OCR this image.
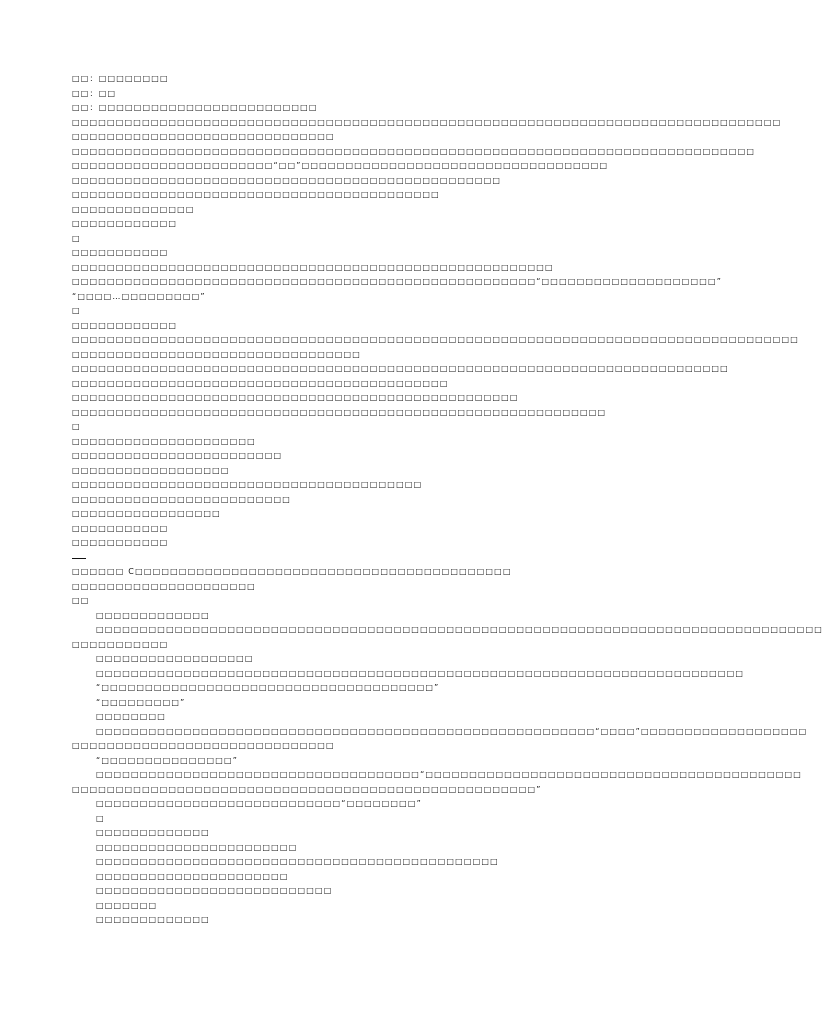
□□：□□□□□□□□
□□：□□
□□：□□□□□□□□□□□□□□□□□□□□□□□□□
□□□□□□□□□□□□□□□□□□□□□□□□□□□□□□□□□□□□□□□□□□□□□□□□□□□□□□□□□□□□□□□□□□□□□□□□□□□□□□□□□
□□□□□□□□□□□□□□□□□□□□□□□□□□□□□□
□□□□□□□□□□□□□□□□□□□□□□□□□□□□□□□□□□□□□□□□□□□□□□□□□□□□□□□□□□□□□□□□□□□□□□□□□□□□□□
□□□□□□□□□□□□□□□□□□□□□□□“□□”□□□□□□□□□□□□□□□□□□□□□□□□□□□□□□□□□□□
□□□□□□□□□□□□□□□□□□□□□□□□□□□□□□□□□□□□□□□□□□□□□□□□□
□□□□□□□□□□□□□□□□□□□□□□□□□□□□□□□□□□□□□□□□□□
□□□□□□□□□□□□□□
□□□□□□□□□□□□
□
□□□□□□□□□□□
□□□□□□□□□□□□□□□□□□□□□□□□□□□□□□□□□□□□□□□□□□□□□□□□□□□□□□□
□□□□□□□□□□□□□□□□□□□□□□□□□□□□□□□□□□□□□□□□□□□□□□□□□□□□□“□□□□□□□□□□□□□□□□□□□□”
“□□□□…□□□□□□□□□”
□
□□□□□□□□□□□□
□□□□□□□□□□□□□□□□□□□□□□□□□□□□□□□□□□□□□□□□□□□□□□□□□□□□□□□□□□□□□□□□□□□□□□□□□□□□□□□□□□□
□□□□□□□□□□□□□□□□□□□□□□□□□□□□□□□□□
□□□□□□□□□□□□□□□□□□□□□□□□□□□□□□□□□□□□□□□□□□□□□□□□□□□□□□□□□□□□□□□□□□□□□□□□□□□
□□□□□□□□□□□□□□□□□□□□□□□□□□□□□□□□□□□□□□□□□□□
□□□□□□□□□□□□□□□□□□□□□□□□□□□□□□□□□□□□□□□□□□□□□□□□□□□
□□□□□□□□□□□□□□□□□□□□□□□□□□□□□□□□□□□□□□□□□□□□□□□□□□□□□□□□□□□□□
□
□□□□□□□□□□□□□□□□□□□□□
□□□□□□□□□□□□□□□□□□□□□□□□
□□□□□□□□□□□□□□□□□□
□□□□□□□□□□□□□□□□□□□□□□□□□□□□□□□□□□□□□□□□
□□□□□□□□□□□□□□□□□□□□□□□□□
□□□□□□□□□□□□□□□□□
□□□□□□□□□□□
□□□□□□□□□□□
□□□□□□ C□□□□□□□□□□□□□□□□□□□□□□□□□□□□□□□□□□□□□□□□□□□
□□□□□□□□□□□□□□□□□□□□□
□□
□□□□□□□□□□□□□
□□□□□□□□□□□□□□□□□□□□□□□□□□□□□□□□□□□□□□□□□□□□□□□□□□□□□□□□□□□□□□□□□□□□□□□□□□□□□□□□□□□
□□□□□□□□□□□
□□□□□□□□□□□□□□□□□□
□□□□□□□□□□□□□□□□□□□□□□□□□□□□□□□□□□□□□□□□□□□□□□□□□□□□□□□□□□□□□□□□□□□□□□□□□□
“□□□□□□□□□□□□□□□□□□□□□□□□□□□□□□□□□□□□□□”
“□□□□□□□□□”
□□□□□□□□
□□□□□□□□□□□□□□□□□□□□□□□□□□□□□□□□□□□□□□□□□□□□□□□□□□□□□□□□□“□□□□”□□□□□□□□□□□□□□□□□□□
□□□□□□□□□□□□□□□□□□□□□□□□□□□□□□
“□□□□□□□□□□□□□□□”
□□□□□□□□□□□□□□□□□□□□□□□□□□□□□□□□□□□□□“□□□□□□□□□□□□□□□□□□□□□□□□□□□□□□□□□□□□□□□□□□□
□□□□□□□□□□□□□□□□□□□□□□□□□□□□□□□□□□□□□□□□□□□□□□□□□□□□□”
□□□□□□□□□□□□□□□□□□□□□□□□□□□□“□□□□□□□□”
□
□□□□□□□□□□□□□
□□□□□□□□□□□□□□□□□□□□□□□
□□□□□□□□□□□□□□□□□□□□□□□□□□□□□□□□□□□□□□□□□□□□□□
□□□□□□□□□□□□□□□□□□□□□□
□□□□□□□□□□□□□□□□□□□□□□□□□□□
□□□□□□□
□□□□□□□□□□□□□
